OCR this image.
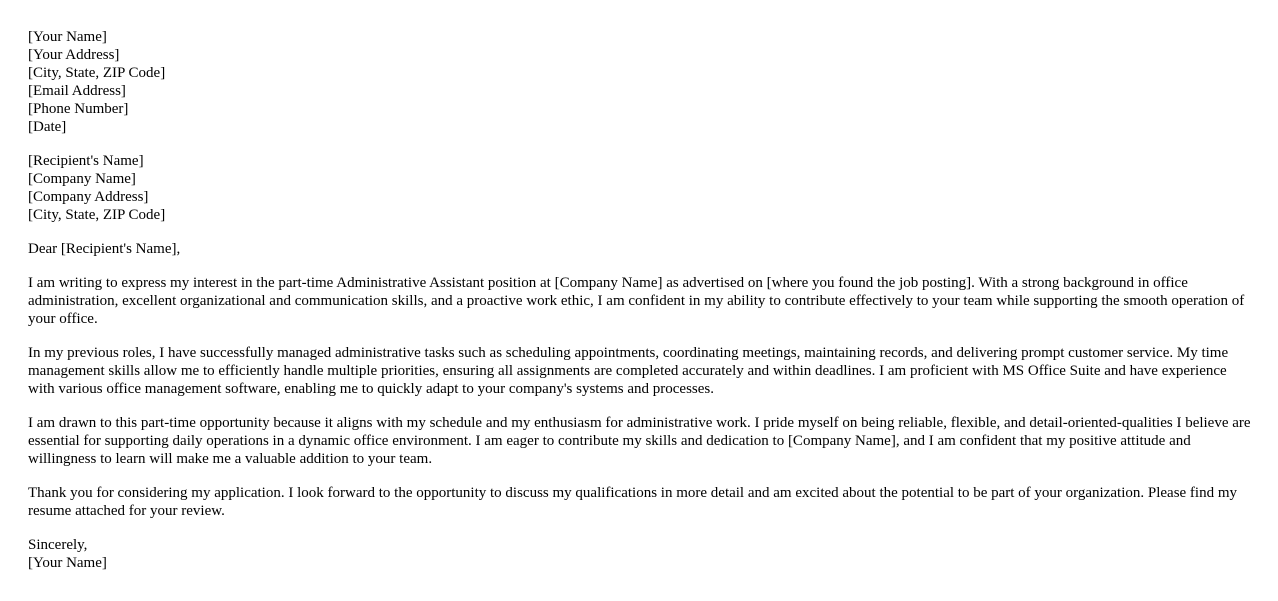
[Your Name]
[Your Address]
[City, State, ZIP Code]
[Email Address]
[Phone Number]
[Date]
[Recipient's Name]
[Company Name]
[Company Address]
[City, State, ZIP Code]

Dear [Recipient's Name],

I am writing to express my interest in the part-time Administrative Assistant position at [Company Name] as advertised on [where you found the job posting]. With a strong background in office administration, excellent organizational and communication skills, and a proactive work ethic, I am confident in my ability to contribute effectively to your team while supporting the smooth operation of your office.

In my previous roles, I have successfully managed administrative tasks such as scheduling appointments, coordinating meetings, maintaining records, and delivering prompt customer service. My time management skills allow me to efficiently handle multiple priorities, ensuring all assignments are completed accurately and within deadlines. I am proficient with MS Office Suite and have experience with various office management software, enabling me to quickly adapt to your company's systems and processes.

I am drawn to this part-time opportunity because it aligns with my schedule and my enthusiasm for administrative work. I pride myself on being reliable, flexible, and detail-oriented-qualities I believe are essential for supporting daily operations in a dynamic office environment. I am eager to contribute my skills and dedication to [Company Name], and I am confident that my positive attitude and willingness to learn will make me a valuable addition to your team.

Thank you for considering my application. I look forward to the opportunity to discuss my qualifications in more detail and am excited about the potential to be part of your organization. Please find my resume attached for your review.

Sincerely,
[Your Name]
